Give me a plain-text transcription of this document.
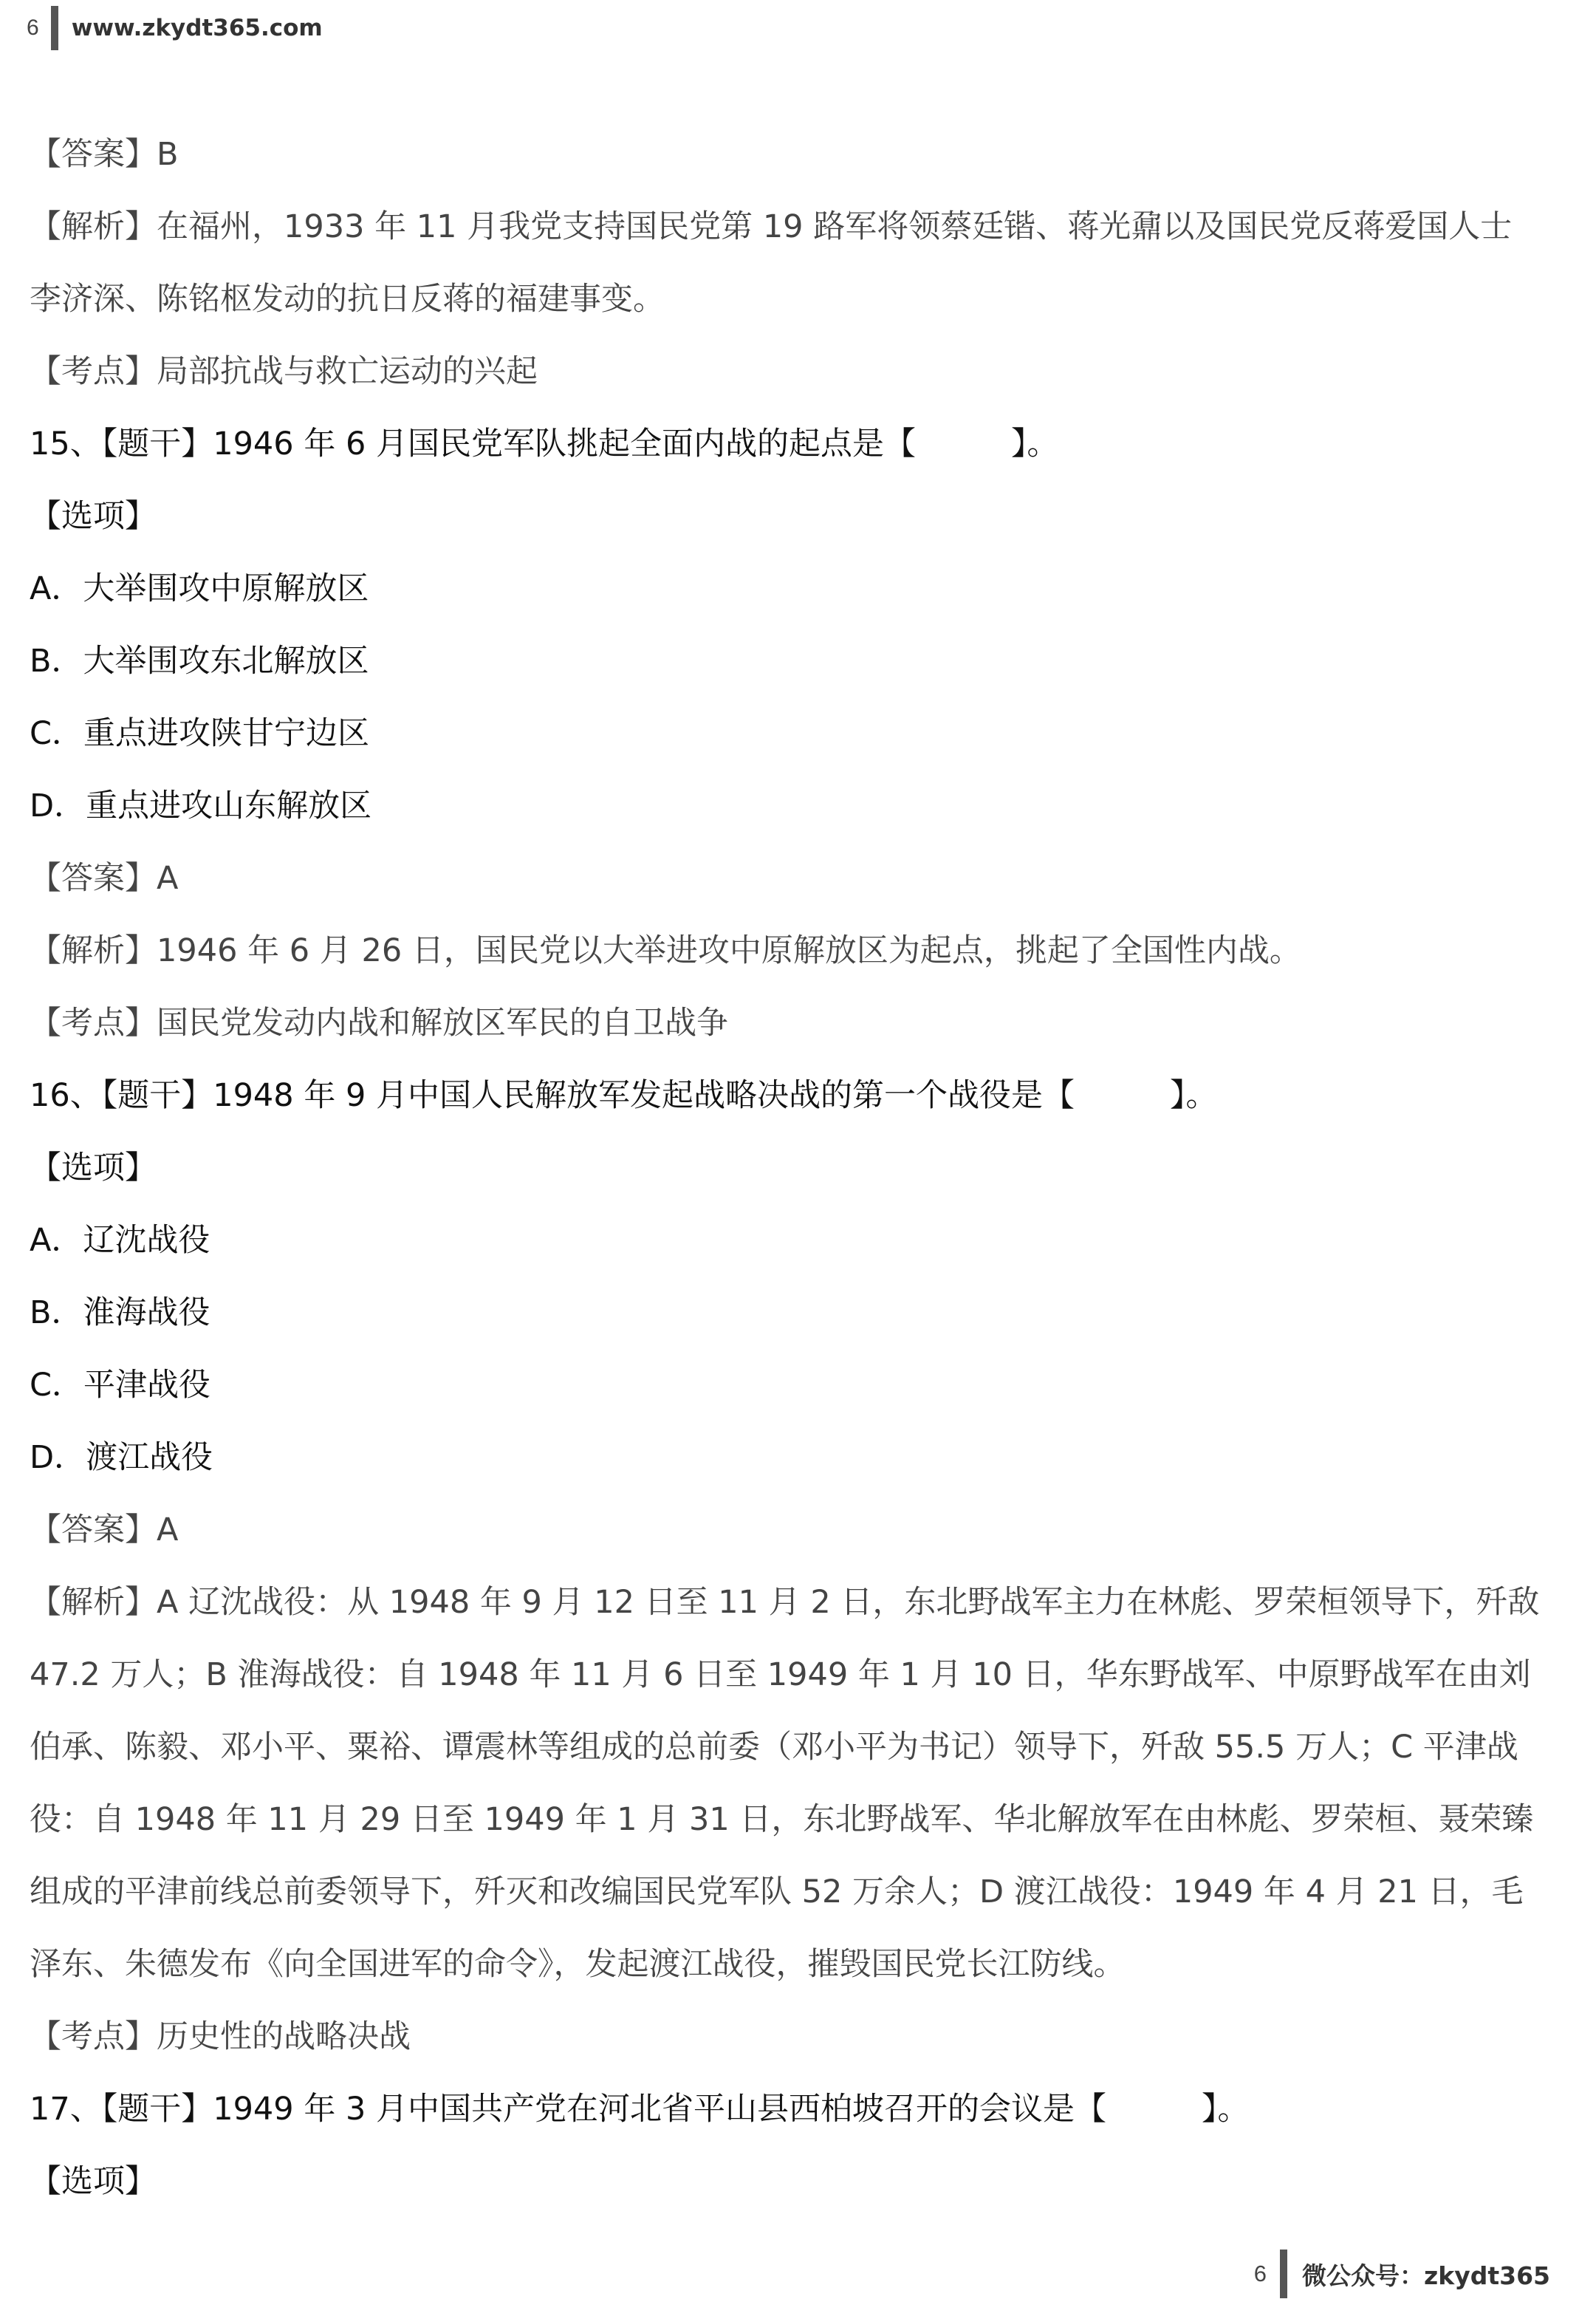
6 www.zkydt365.com
【答案】B
【解析】在福州，1933 年 11 月我党支持国民党第 19 路军将领蔡廷锴、蒋光鼐以及国民党反蒋爱国人士
李济深、陈铭枢发动的抗日反蒋的福建事变。
【考点】局部抗战与救亡运动的兴起
15、【题干】1946 年 6 月国民党军队挑起全面内战的起点是【　　　】。
【选项】
A．大举围攻中原解放区
B．大举围攻东北解放区
C．重点进攻陕甘宁边区
D．重点进攻山东解放区
【答案】A
【解析】1946 年 6 月 26 日，国民党以大举进攻中原解放区为起点，挑起了全国性内战。
【考点】国民党发动内战和解放区军民的自卫战争
16、【题干】1948 年 9 月中国人民解放军发起战略决战的第一个战役是【　　　】。
【选项】
A．辽沈战役
B．淮海战役
C．平津战役
D．渡江战役
【答案】A
【解析】A 辽沈战役：从 1948 年 9 月 12 日至 11 月 2 日，东北野战军主力在林彪、罗荣桓领导下，歼敌
47.2 万人；B 淮海战役：自 1948 年 11 月 6 日至 1949 年 1 月 10 日，华东野战军、中原野战军在由刘
伯承、陈毅、邓小平、粟裕、谭震林等组成的总前委（邓小平为书记）领导下，歼敌 55.5 万人；C 平津战
役：自 1948 年 11 月 29 日至 1949 年 1 月 31 日，东北野战军、华北解放军在由林彪、罗荣桓、聂荣臻
组成的平津前线总前委领导下，歼灭和改编国民党军队 52 万余人；D 渡江战役：1949 年 4 月 21 日，毛
泽东、朱德发布《向全国进军的命令》，发起渡江战役，摧毁国民党长江防线。
【考点】历史性的战略决战
17、【题干】1949 年 3 月中国共产党在河北省平山县西柏坡召开的会议是【　　　】。
【选项】
6 微公众号：zkydt365
